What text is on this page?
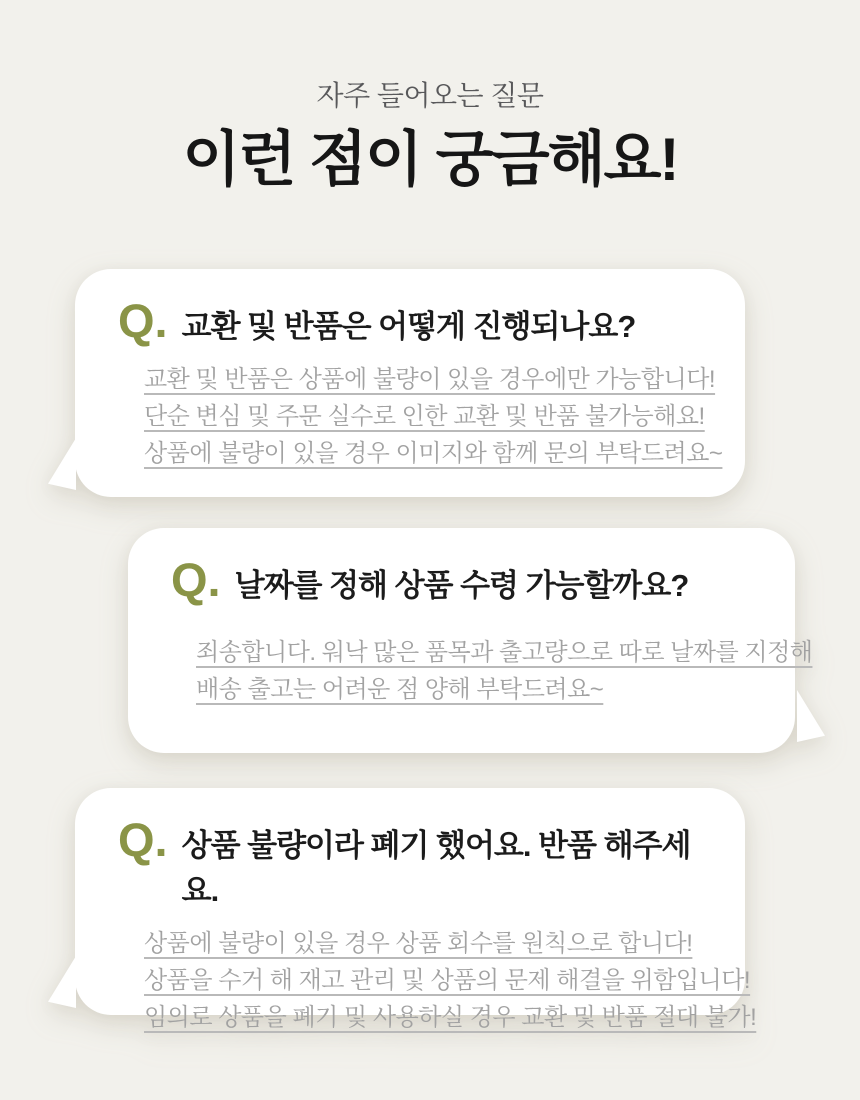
자주 들어오는 질문
이런 점이 궁금해요!
Q. 교환 및 반품은 어떻게 진행되나요?

교환 및 반품은 상품에 불량이 있을 경우에만 가능합니다!

단순 변심 및 주문 실수로 인한 교환 및 반품 불가능해요!

상품에 불량이 있을 경우 이미지와 함께 문의 부탁드려요~

Q. 날짜를 정해 상품 수령 가능할까요?

죄송합니다. 워낙 많은 품목과 출고량으로 따로 날짜를 지정해

배송 출고는 어려운 점 양해 부탁드려요~

Q. 상품 불량이라 폐기 했어요. 반품 해주세요.

상품에 불량이 있을 경우 상품 회수를 원칙으로 합니다!

상품을 수거 해 재고 관리 및 상품의 문제 해결을 위함입니다!

임의로 상품을 폐기 및 사용하실 경우 교환 및 반품 절대 불가!
